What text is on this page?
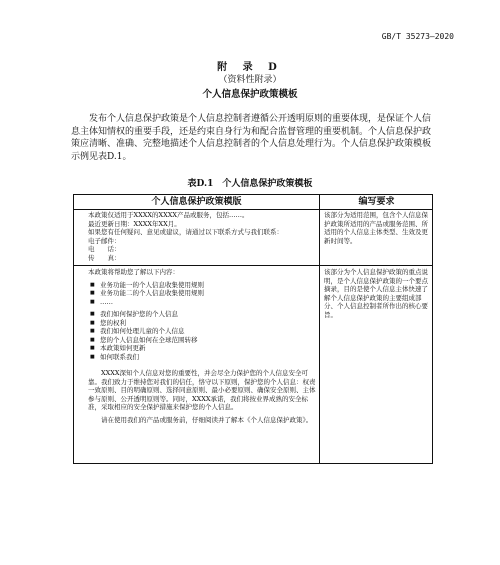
GB/T 35273—2020
附 录 D
（资料性附录）
个人信息保护政策模板
发布个人信息保护政策是个人信息控制者遵循公开透明原则的重要体现，是保证个人信息主体知情权的重要手段，还是约束自身行为和配合监督管理的重要机制。个人信息保护政策应清晰、准确、完整地描述个人信息控制者的个人信息处理行为。个人信息保护政策模板示例见表D.1。
表D.1　个人信息保护政策模板
个人信息保护政策模版	编写要求
本政策仅适用于XXXX的XXXX产品或服务，包括……。
最近更新日期：XXXX年XX月。
如果您有任何疑问、意见或建议，请通过以下联系方式与我们联系：
电子邮件：
电　　话：
传　　真：
该部分为适用范围，包含个人信息保护政策所适用的产品或服务范围、所适用的个人信息主体类型、生效及更新时间等。
本政策将帮助您了解以下内容：
■ 业务功能一的个人信息收集使用规则
■ 业务功能二的个人信息收集使用规则
■ ……
■ 我们如何保护您的个人信息
■ 您的权利
■ 我们如何处理儿童的个人信息
■ 您的个人信息如何在全球范围转移
■ 本政策如何更新
■ 如何联系我们
XXXX深知个人信息对您的重要性，并会尽全力保护您的个人信息安全可靠。我们致力于维持您对我们的信任，恪守以下原则，保护您的个人信息：权责一致原则、目的明确原则、选择同意原则、最小必要原则、确保安全原则、主体参与原则、公开透明原则等。同时，XXXX承诺，我们将按业界成熟的安全标准，采取相应的安全保护措施来保护您的个人信息。
请在使用我们的产品或服务前，仔细阅读并了解本《个人信息保护政策》。
该部分为个人信息保护政策的重点说明，是个人信息保护政策的一个要点摘录，目的是使个人信息主体快速了解个人信息保护政策的主要组成部分、个人信息控制者所作出的核心要旨。
